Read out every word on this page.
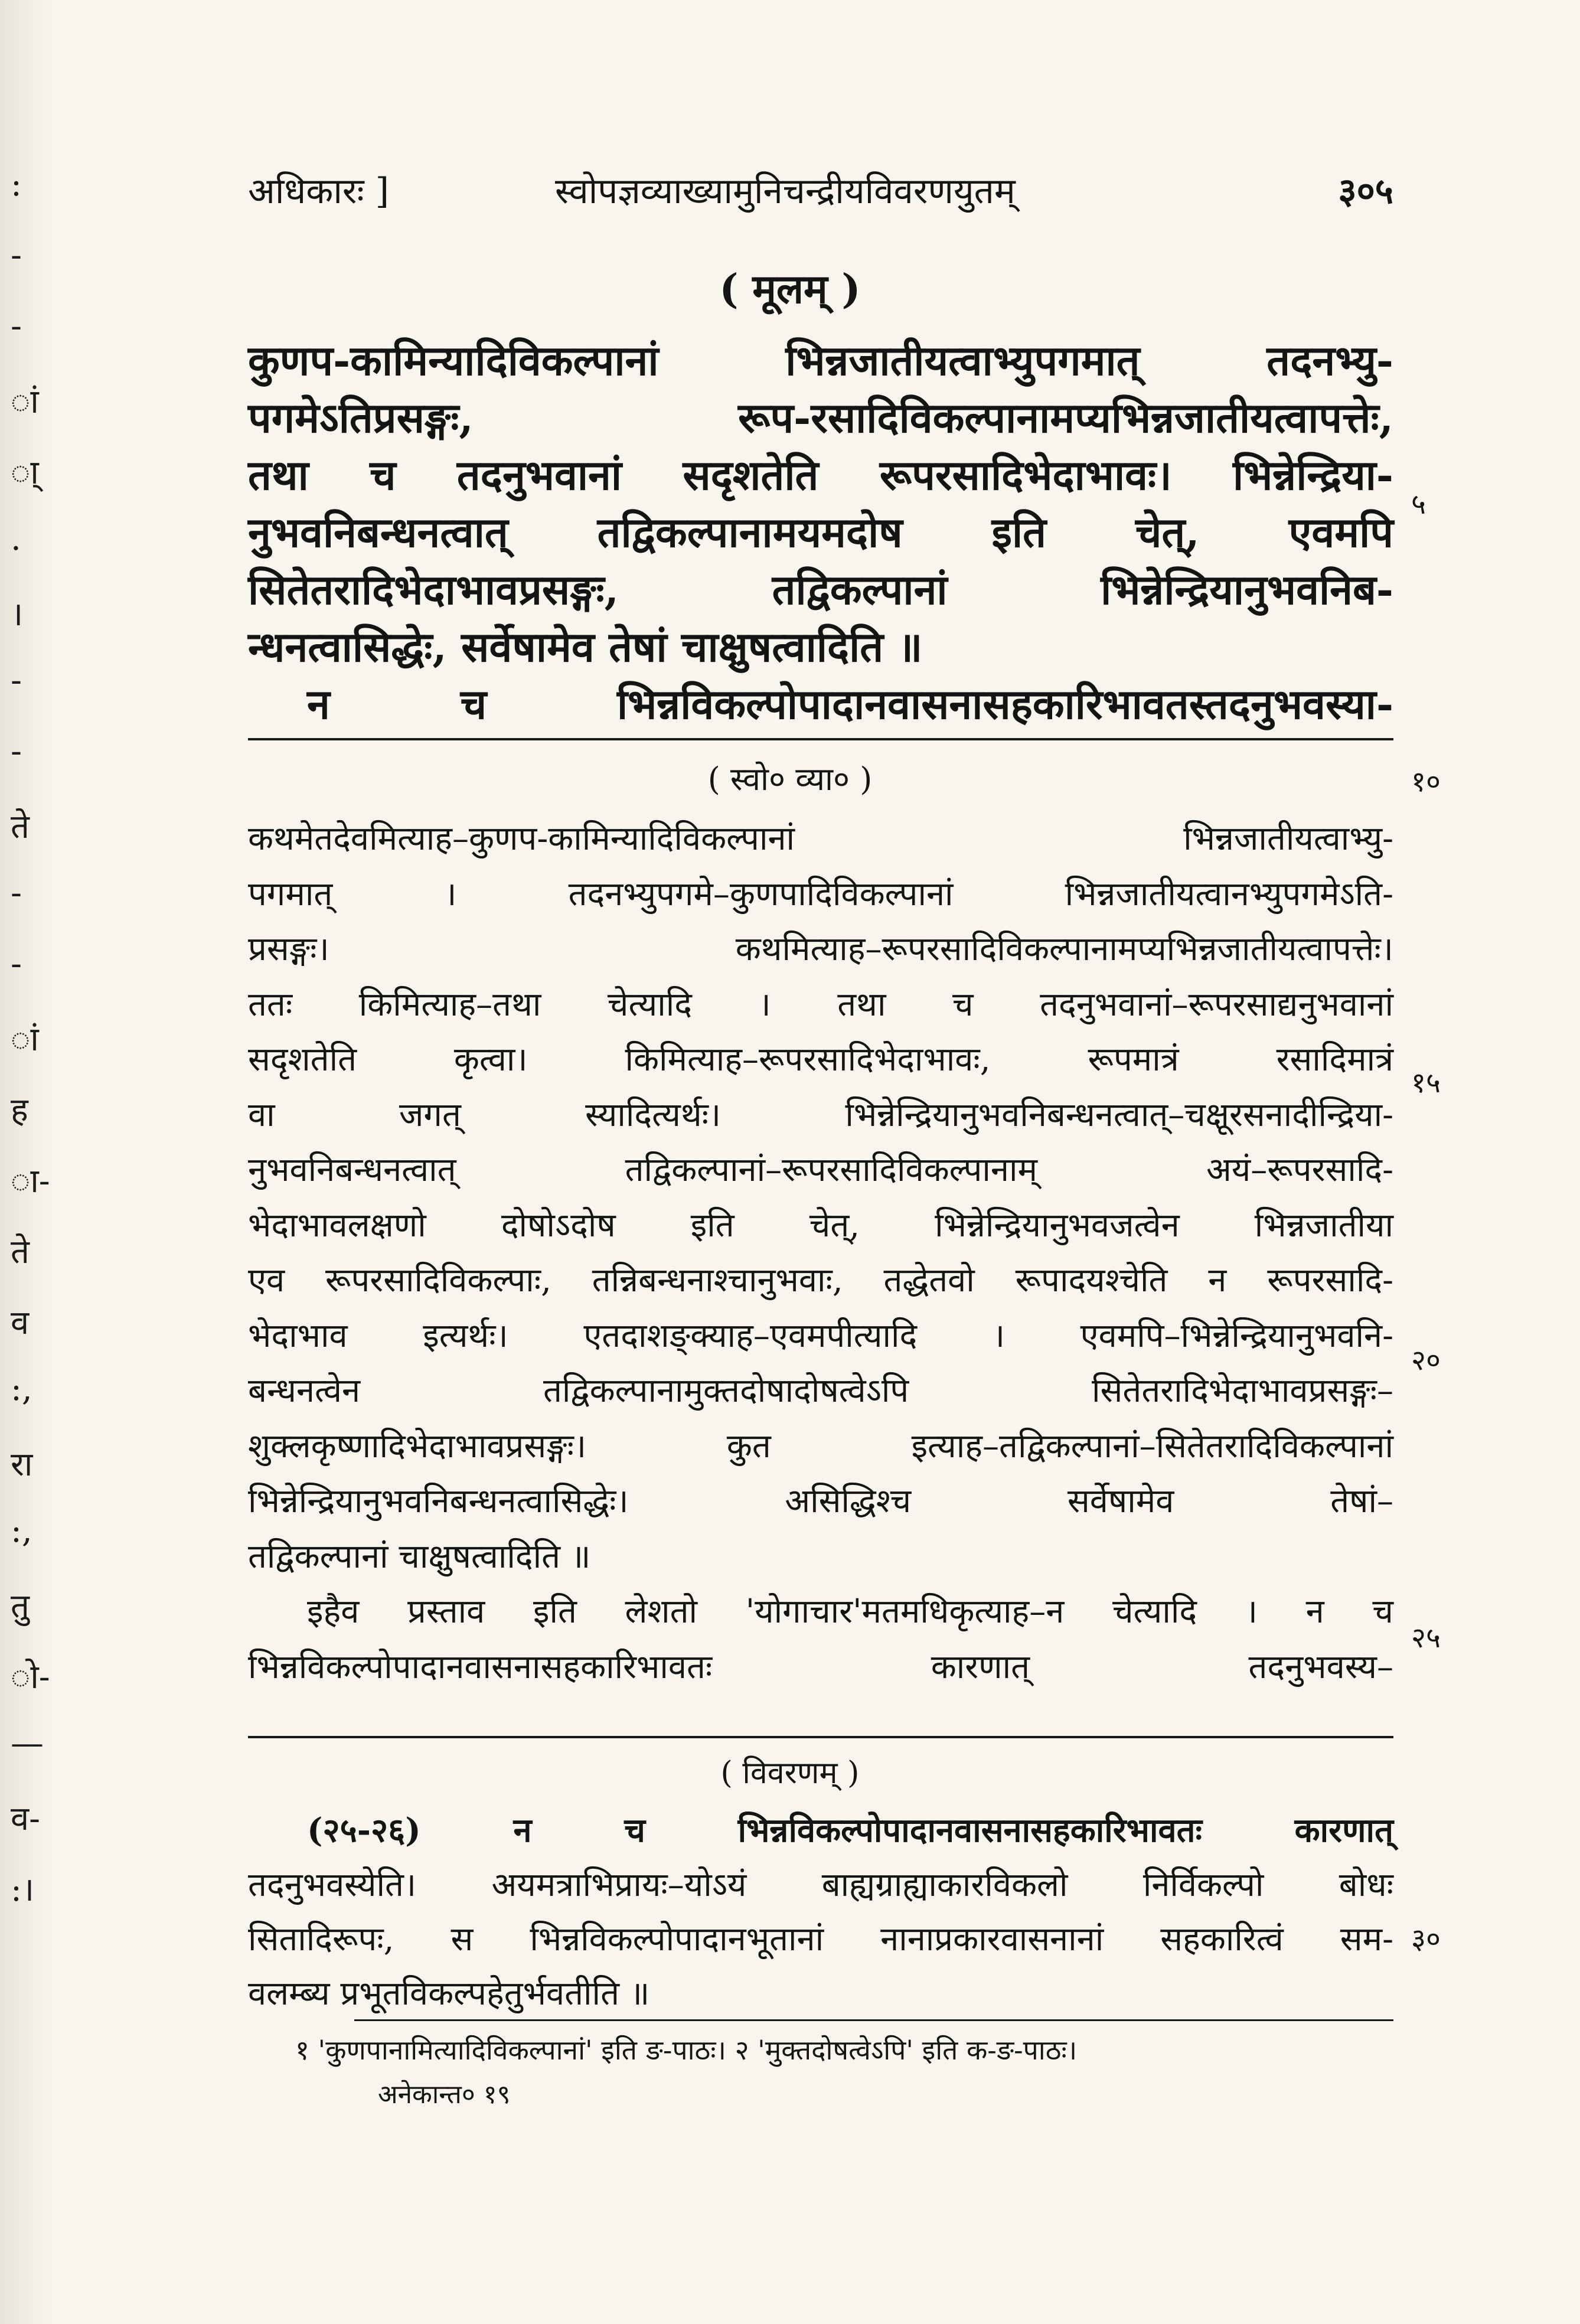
:
-
-
ां
ा्
.
।
-
-
ते
-
-
ां
ह
ा-
ते
व
:,
रा
:,
तु
ो-
—
व-
:।
अधिकारः ]	स्वोपज्ञव्याख्यामुनिचन्द्रीयविवरणयुतम्	३०५
( मूलम् )
कुणप-कामिन्यादिविकल्पानां भिन्नजातीयत्वाभ्युपगमात् तदनभ्यु-
पगमेऽतिप्रसङ्गः, रूप-रसादिविकल्पानामप्यभिन्नजातीयत्वापत्तेः,
तथा च तदनुभवानां सदृशतेति रूपरसादिभेदाभावः। भिन्नेन्द्रिया-
नुभवनिबन्धनत्वात् तद्विकल्पानामयमदोष इति चेत्, एवमपि
सितेतरादिभेदाभावप्रसङ्गः, तद्विकल्पानां भिन्नेन्द्रियानुभवनिब-
न्धनत्वासिद्धेः, सर्वेषामेव तेषां चाक्षुषत्वादिति ॥
न च भिन्नविकल्पोपादानवासनासहकारिभावतस्तदनुभवस्या-
५
( स्वो० व्या० )	१०
कथमेतदेवमित्याह–कुणप-कामिन्यादिविकल्पानां भिन्नजातीयत्वाभ्यु-
पगमात् । तदनभ्युपगमे–कुणपादिविकल्पानां भिन्नजातीयत्वानभ्युपगमेऽति-
प्रसङ्गः। कथमित्याह–रूपरसादिविकल्पानामप्यभिन्नजातीयत्वापत्तेः।
ततः किमित्याह–तथा चेत्यादि । तथा च तदनुभवानां–रूपरसाद्यनुभवानां
सदृशतेति कृत्वा। किमित्याह–रूपरसादिभेदाभावः, रूपमात्रं रसादिमात्रं
वा जगत् स्यादित्यर्थः। भिन्नेन्द्रियानुभवनिबन्धनत्वात्–चक्षूरसनादीन्द्रिया-
नुभवनिबन्धनत्वात् तद्विकल्पानां–रूपरसादिविकल्पानाम् अयं–रूपरसादि-
भेदाभावलक्षणो दोषोऽदोष इति चेत्, भिन्नेन्द्रियानुभवजत्वेन भिन्नजातीया
एव रूपरसादिविकल्पाः, तन्निबन्धनाश्चानुभवाः, तद्धेतवो रूपादयश्चेति न रूपरसादि-
भेदाभाव इत्यर्थः। एतदाशङ्क्याह–एवमपीत्यादि । एवमपि–भिन्नेन्द्रियानुभवनि-
बन्धनत्वेन तद्विकल्पानामुक्तदोषादोषत्वेऽपि सितेतरादिभेदाभावप्रसङ्गः–
शुक्लकृष्णादिभेदाभावप्रसङ्गः। कुत इत्याह–तद्विकल्पानां–सितेतरादिविकल्पानां
भिन्नेन्द्रियानुभवनिबन्धनत्वासिद्धेः। असिद्धिश्च सर्वेषामेव तेषां–
तद्विकल्पानां चाक्षुषत्वादिति ॥
इहैव प्रस्ताव इति लेशतो 'योगाचार'मतमधिकृत्याह–न चेत्यादि । न च
भिन्नविकल्पोपादानवासनासहकारिभावतः कारणात् तदनुभवस्य–
१५
२०
२५
( विवरणम् )
(२५-२६) न च भिन्नविकल्पोपादानवासनासहकारिभावतः कारणात्
तदनुभवस्येति। अयमत्राभिप्रायः–योऽयं बाह्यग्राह्याकारविकलो निर्विकल्पो बोधः
सितादिरूपः, स भिन्नविकल्पोपादानभूतानां नानाप्रकारवासनानां सहकारित्वं सम-
वलम्ब्य प्रभूतविकल्पहेतुर्भवतीति ॥
३०
१ 'कुणपानामित्यादिविकल्पानां' इति ङ-पाठः। २ 'मुक्तदोषत्वेऽपि' इति क-ङ-पाठः।
अनेकान्त० १९
